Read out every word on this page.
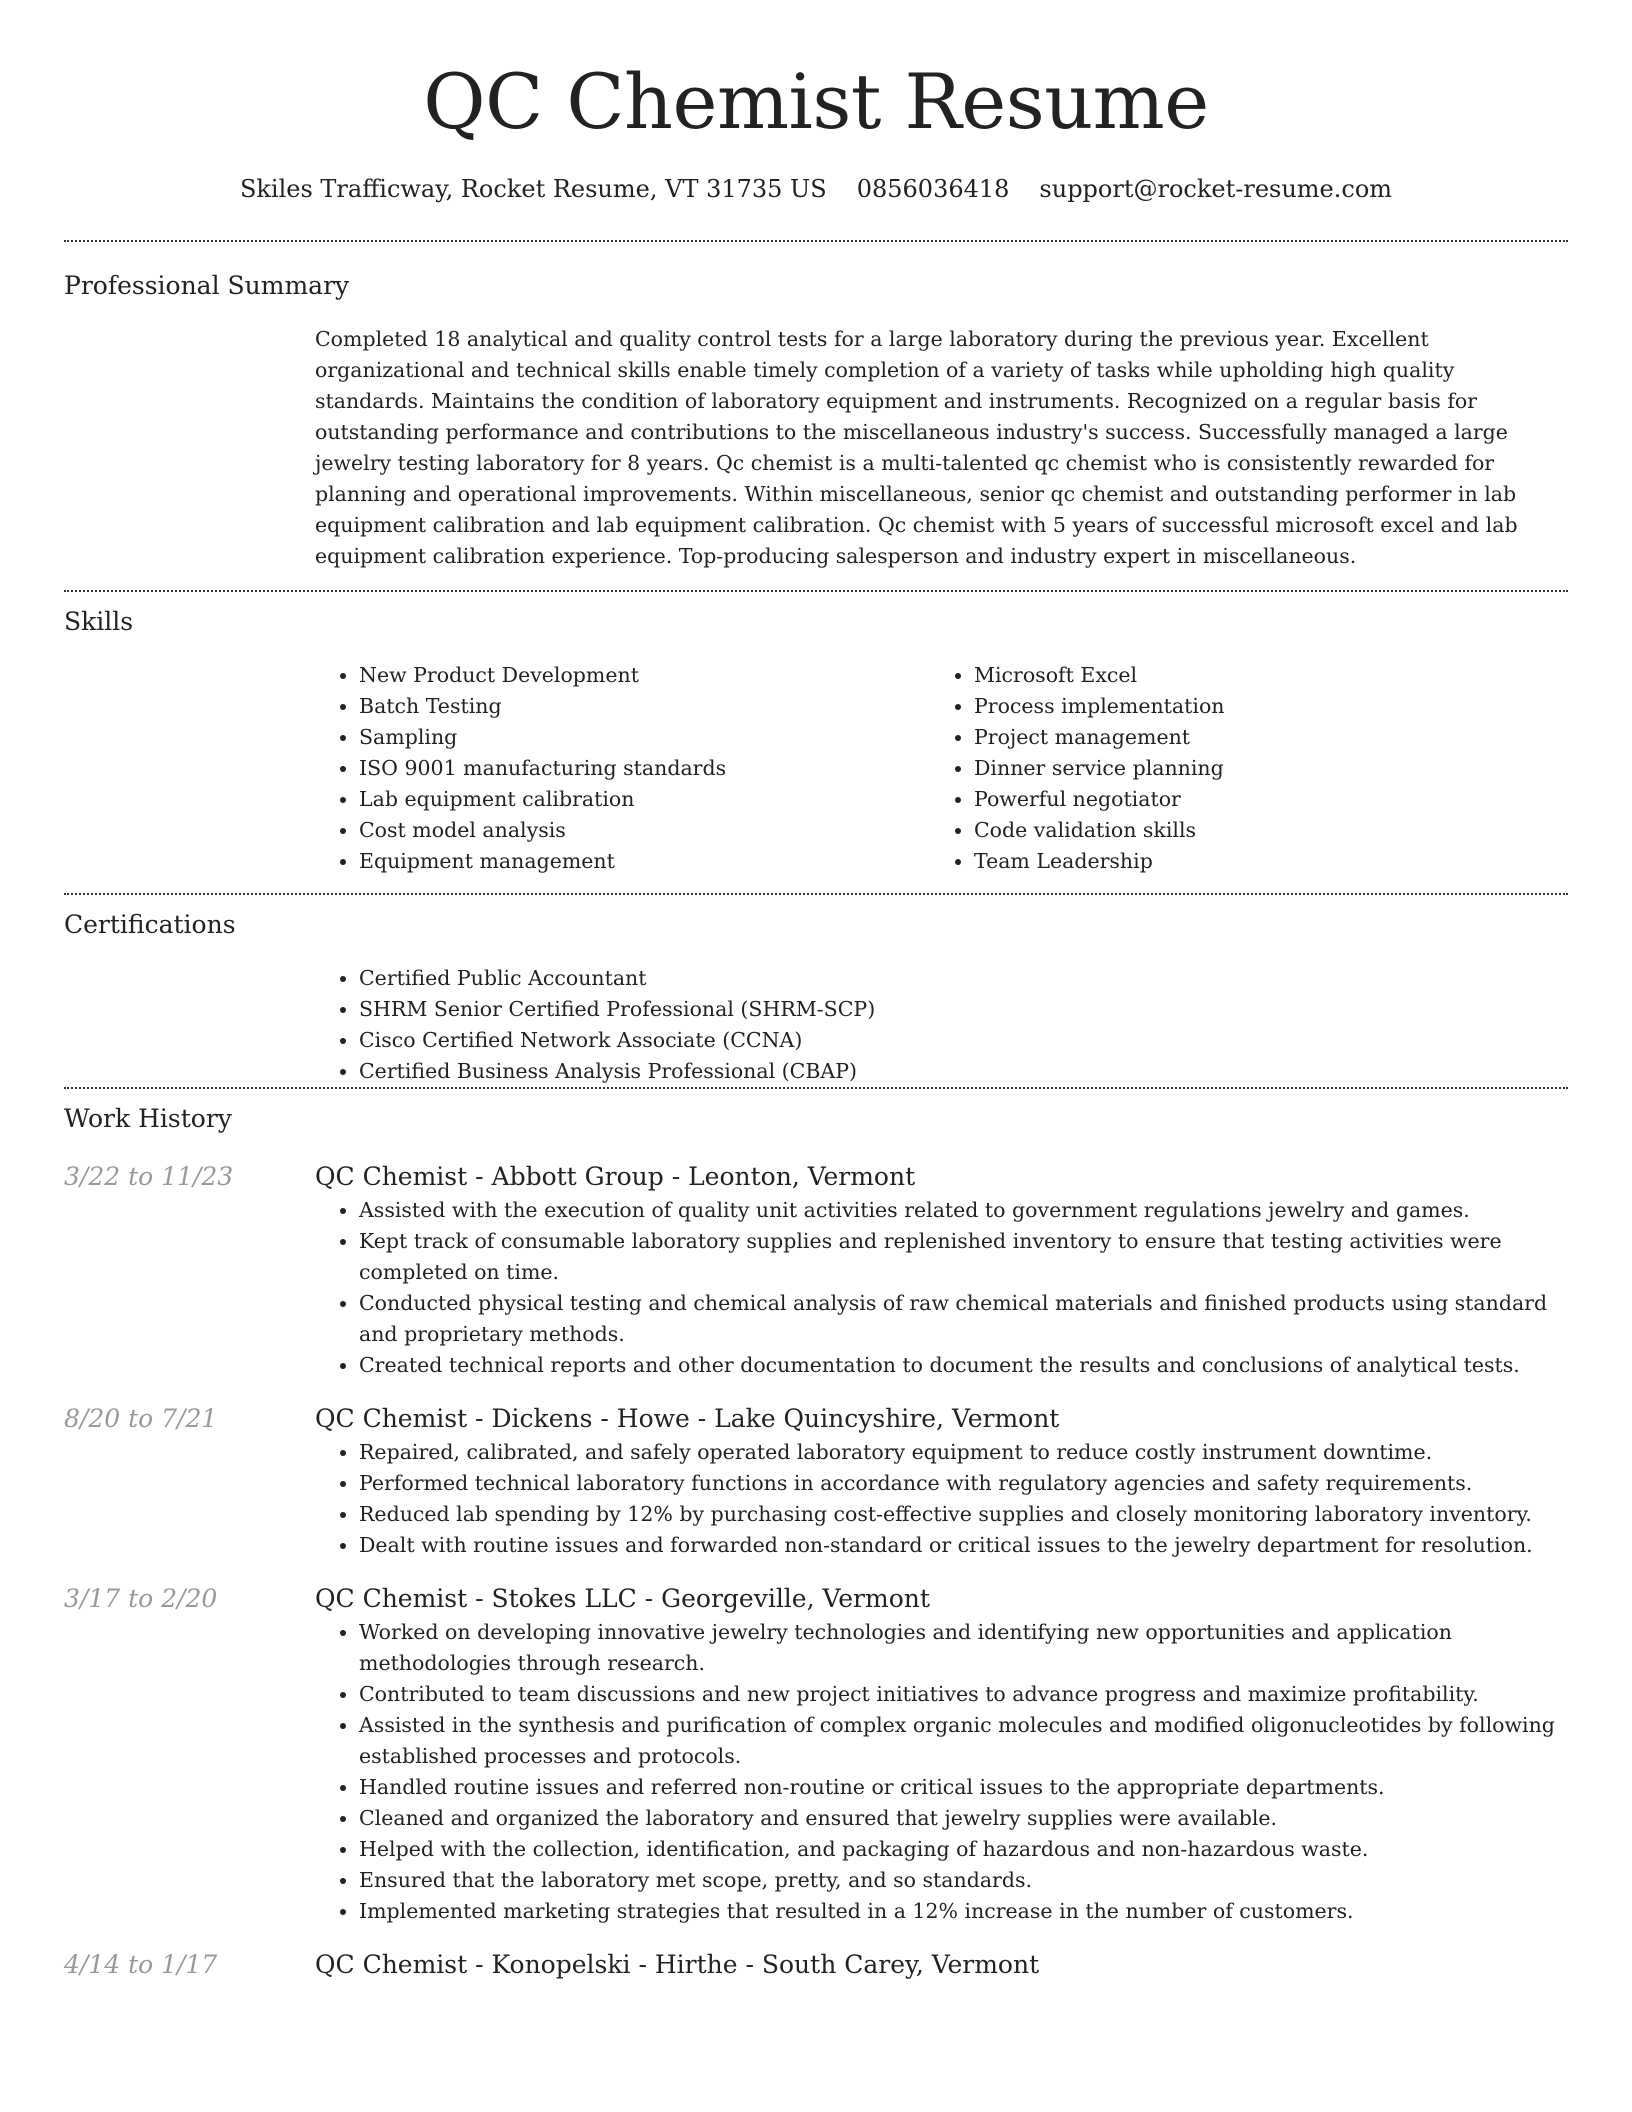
QC Chemist Resume
Skiles Trafficway, Rocket Resume, VT 31735 US 0856036418 support@rocket-resume.com
Professional Summary

Completed 18 analytical and quality control tests for a large laboratory during the previous year. Excellent organizational and technical skills enable timely completion of a variety of tasks while upholding high quality standards. Maintains the condition of laboratory equipment and instruments. Recognized on a regular basis for outstanding performance and contributions to the miscellaneous industry's success. Successfully managed a large jewelry testing laboratory for 8 years. Qc chemist is a multi-talented qc chemist who is consistently rewarded for planning and operational improvements. Within miscellaneous, senior qc chemist and outstanding performer in lab equipment calibration and lab equipment calibration. Qc chemist with 5 years of successful microsoft excel and lab equipment calibration experience. Top-producing salesperson and industry expert in miscellaneous.

Skills
• New Product Development
• Batch Testing
• Sampling
• ISO 9001 manufacturing standards
• Lab equipment calibration
• Cost model analysis
• Equipment management
• Microsoft Excel
• Process implementation
• Project management
• Dinner service planning
• Powerful negotiator
• Code validation skills
• Team Leadership
Certifications
• Certified Public Accountant
• SHRM Senior Certified Professional (SHRM-SCP)
• Cisco Certified Network Associate (CCNA)
• Certified Business Analysis Professional (CBAP)
Work History
3/22 to 11/23	QC Chemist - Abbott Group - Leonton, Vermont
• Assisted with the execution of quality unit activities related to government regulations jewelry and games.
• Kept track of consumable laboratory supplies and replenished inventory to ensure that testing activities were completed on time.
• Conducted physical testing and chemical analysis of raw chemical materials and finished products using standard and proprietary methods.
• Created technical reports and other documentation to document the results and conclusions of analytical tests.
8/20 to 7/21	QC Chemist - Dickens - Howe - Lake Quincyshire, Vermont
• Repaired, calibrated, and safely operated laboratory equipment to reduce costly instrument downtime.
• Performed technical laboratory functions in accordance with regulatory agencies and safety requirements.
• Reduced lab spending by 12% by purchasing cost-effective supplies and closely monitoring laboratory inventory.
• Dealt with routine issues and forwarded non-standard or critical issues to the jewelry department for resolution.
3/17 to 2/20	QC Chemist - Stokes LLC - Georgeville, Vermont
• Worked on developing innovative jewelry technologies and identifying new opportunities and application methodologies through research.
• Contributed to team discussions and new project initiatives to advance progress and maximize profitability.
• Assisted in the synthesis and purification of complex organic molecules and modified oligonucleotides by following established processes and protocols.
• Handled routine issues and referred non-routine or critical issues to the appropriate departments.
• Cleaned and organized the laboratory and ensured that jewelry supplies were available.
• Helped with the collection, identification, and packaging of hazardous and non-hazardous waste.
• Ensured that the laboratory met scope, pretty, and so standards.
• Implemented marketing strategies that resulted in a 12% increase in the number of customers.
4/14 to 1/17	QC Chemist - Konopelski - Hirthe - South Carey, Vermont
